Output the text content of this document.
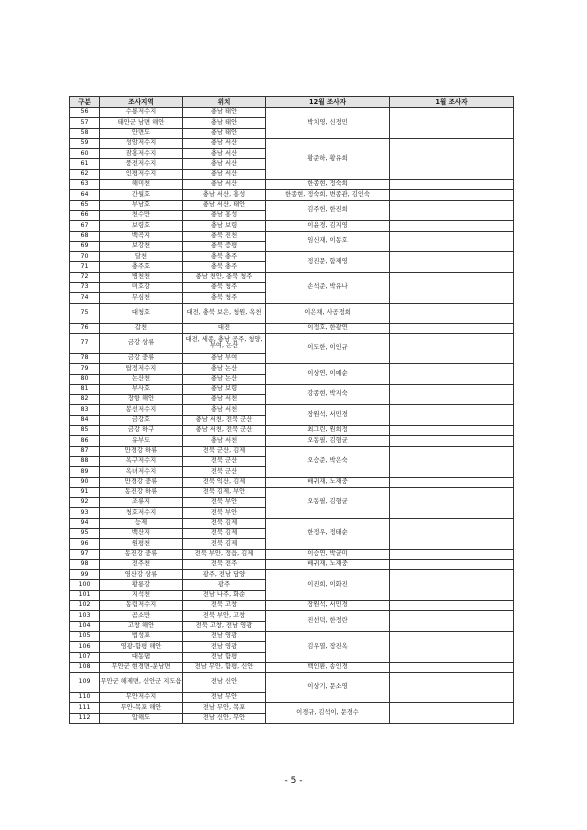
구분	조사지역	위치	12월 조사자	1월 조사자
56	수룡저수지	충남 태안	박치영, 신정민	
57	태안군 남면 해안	충남 태안		
58	안면도	충남 태안		
59	성암저수지	충남 서산	황준하, 황유희	
60	잠홍저수지	충남 서산		
61	풍전저수지	충남 서산		
62	인평저수지	충남 서산		
63	해미천	충남 서산	한종현, 정숙희	
64	간월호	충남 서산, 홍성	한종현, 정숙희, 변종관, 김인숙	
65	부남호	충남 서산, 태안	김주헌, 한진희	
66	천수만	충남 홍성		
67	보령호	충남 보령	이윤경, 김지영	
68	백곡지	충북 진천	임신재, 이동호	
69	보강천	충북 증평		
70	달천	충북 충주	정진문, 함제영	
71	충주호	충북 충주		
72	병천천	충남 천안, 충북 청주	손석준, 박유나	
73	미호강	충북 청주		
74	무심천	충북 청주		
75	대청호	대전, 충북 보은, 청원, 옥천	이은채, 사공정희	
76	갑천	대전	이정호, 한광연	
77	금강 상류	대전, 세종, 충남 공주, 청양, 부여, 논산	이도한, 이인규	
78	금강 중류	충남 부여		
79	탑정저수지	충남 논산	이상연, 이예순	
80	논산천	충남 논산		
81	부사호	충남 보령	강종현, 박지숙	
82	장항 해안	충남 서천		
83	봉선저수지	충남 서천	장원석, 서민경	
84	금강호	충남 서천, 전북 군산		
85	금강 하구	충남 서천, 전북 군산	최그린, 원희정	
86	유부도	충남 서천	오동필, 김형균	
87	만경강 하류	전북 군산, 김제	오승준, 박은숙	
88	옥구저수지	전북 군산		
89	옥녀저수지	전북 군산		
90	만경강 중류	전북 익산, 김제	배귀재, 노재중	
91	동진강 하류	전북 김제, 부안	오동필, 김형균	
92	조류지	전북 부안		
93	청호저수지	전북 부안		
94	능제	전북 김제	한정우, 정태순	
95	백산지	전북 김제		
96	원평천	전북 김제		
97	동진강 중류	전북 부안, 정읍, 김제	이승연, 박균미	
98	전주천	전북 전주	배귀재, 노재중	
99	영산강 상류	광주, 전남 담양	이진희, 이화진	
100	황룡강	광주		
101	지석천	전남 나주, 화순		
102	동림저수지	전북 고창	장원석, 서민경	
103	곰소만	전북 부안, 고창	진선덕, 한정란	
104	고창 해안	전북 고창, 전남 영광		
105	법성포	전남 영광	김우열, 장진옥	
106	영광-함평 해안	전남 영광		
107	대동댐	전남 함평		
108	무안군 현경면-운남면	전남 무안, 함평, 신안	백인환, 송인경	
109	무안군 해제면, 신안군 지도읍	전남 신안	이상기, 문소영	
110	무안저수지	전남 무안		
111	무안-목포 해안	전남 무안, 목포	이경규, 김석이, 문경수	
112	압해도	전남 신안, 무안		
- 5 -
